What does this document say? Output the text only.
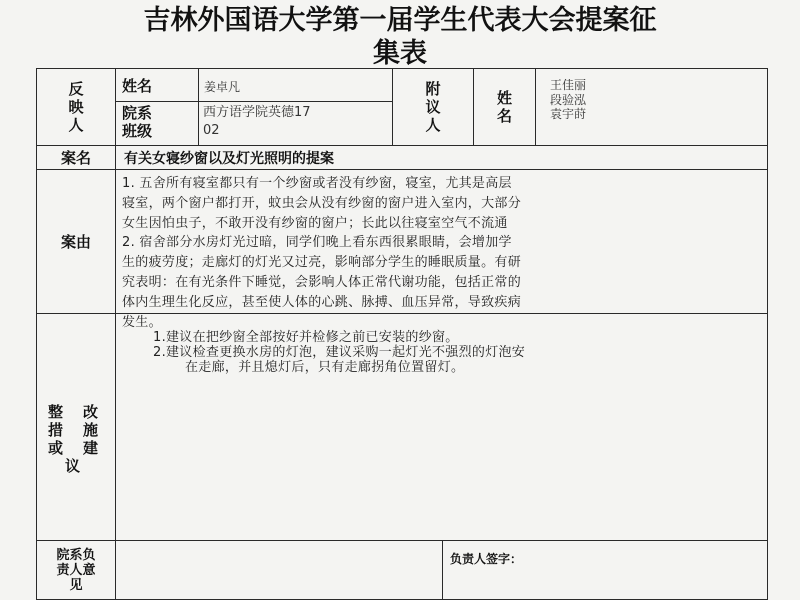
吉林外国语大学第一届学生代表大会提案征
集表
反
映
人
姓名	姜卓凡
院系
班级
西方语学院英德17
02
附
议
人
姓
名
王佳丽
段验泓
袁宇莳
案名	有关女寝纱窗以及灯光照明的提案
案由
1. 五舍所有寝室都只有一个纱窗或者没有纱窗，寝室，尤其是高层
寝室，两个窗户都打开，蚊虫会从没有纱窗的窗户进入室内，大部分
女生因怕虫子，不敢开没有纱窗的窗户；长此以往寝室空气不流通
2. 宿舍部分水房灯光过暗，同学们晚上看东西很累眼睛，会增加学
生的疲劳度；走廊灯的灯光又过亮，影响部分学生的睡眠质量。有研
究表明：在有光条件下睡觉，会影响人体正常代谢功能，包括正常的
体内生理生化反应，甚至使人体的心跳、脉搏、血压异常，导致疾病
发生。
整 改
措 施
或 建
议
1.建议在把纱窗全部按好并检修之前已安装的纱窗。
2.建议检查更换水房的灯泡，建议采购一起灯光不强烈的灯泡安
在走廊，并且熄灯后，只有走廊拐角位置留灯。
院系负
责人意
见
负责人签字：
